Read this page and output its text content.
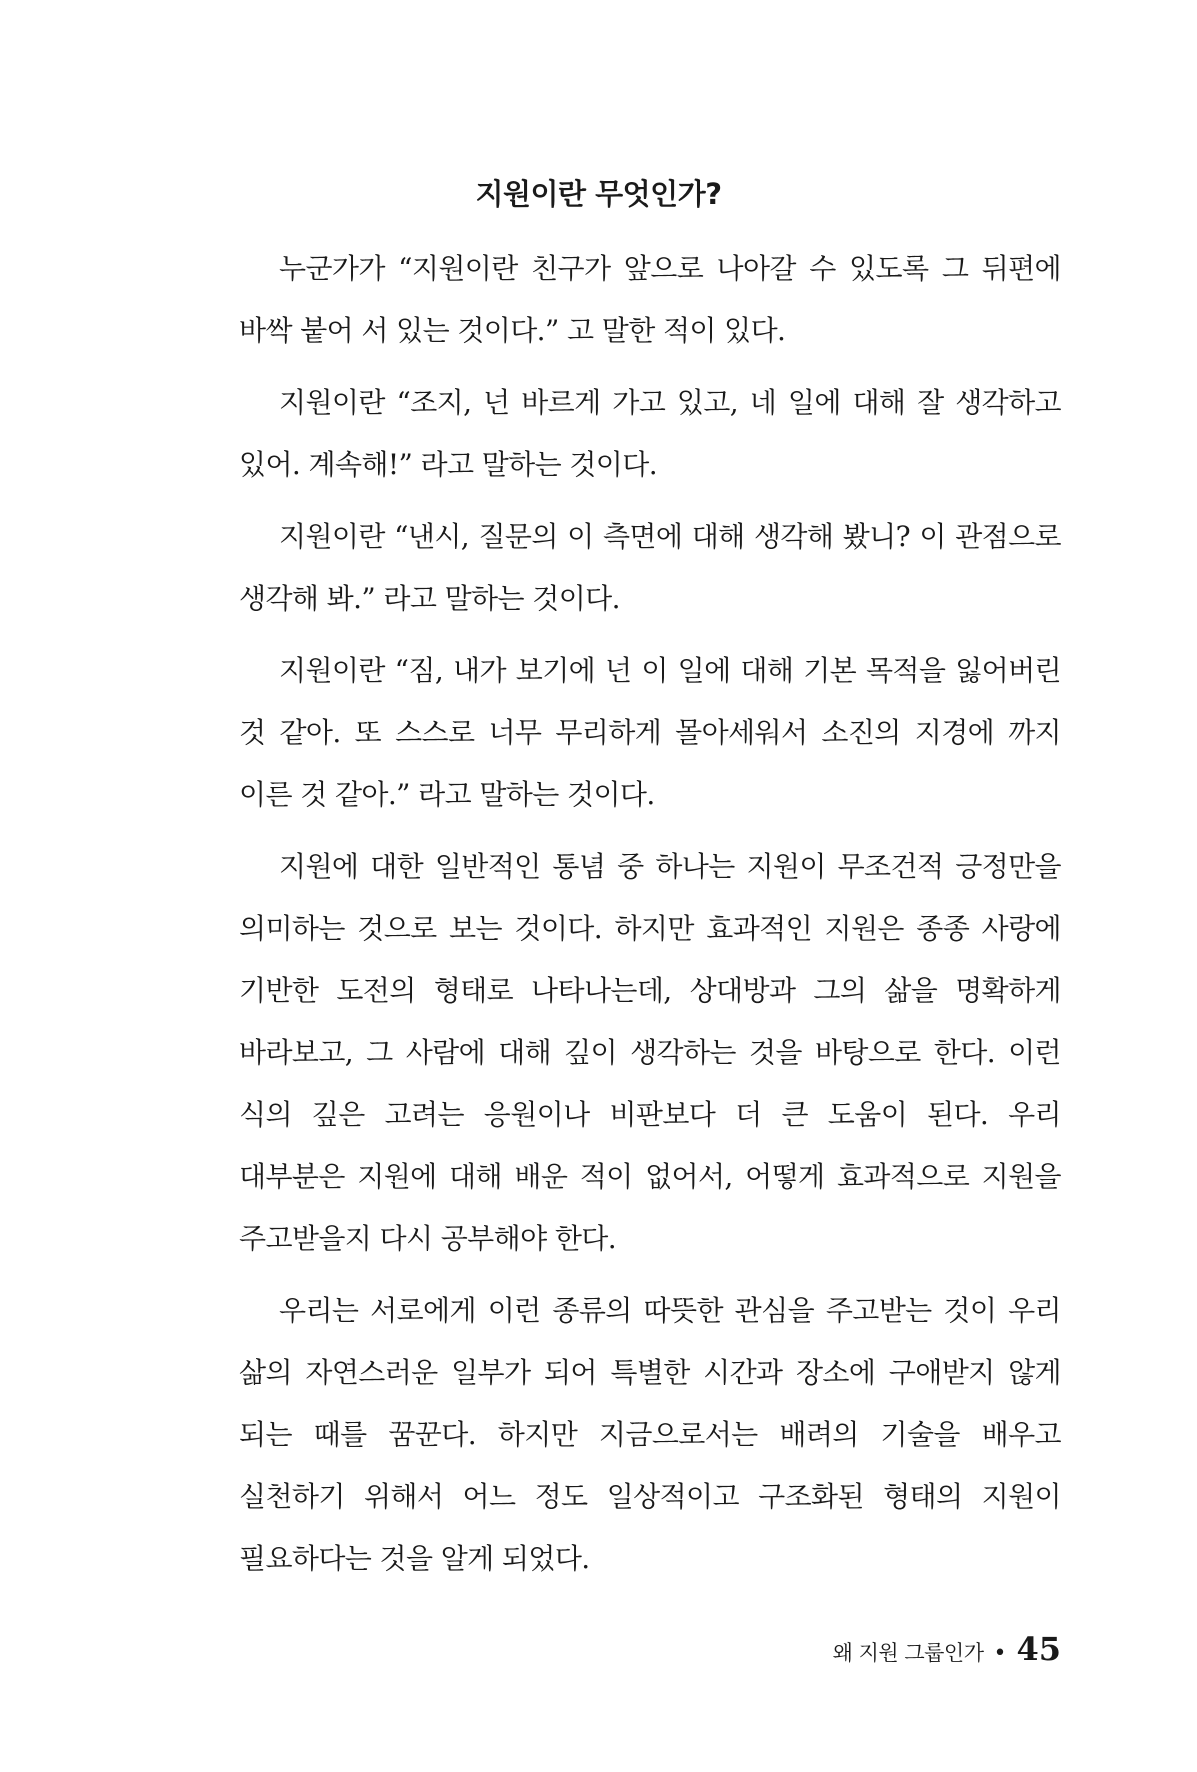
지원이란 무엇인가?

누군가가 “지원이란 친구가 앞으로 나아갈 수 있도록 그 뒤편에 바싹 붙어 서 있는 것이다.” 고 말한 적이 있다.

지원이란 “조지, 넌 바르게 가고 있고, 네 일에 대해 잘 생각하고 있어. 계속해!” 라고 말하는 것이다.

지원이란 “낸시, 질문의 이 측면에 대해 생각해 봤니? 이 관점으로 생각해 봐.” 라고 말하는 것이다.

지원이란 “짐, 내가 보기에 넌 이 일에 대해 기본 목적을 잃어버린 것 같아. 또 스스로 너무 무리하게 몰아세워서 소진의 지경에 까지 이른 것 같아.” 라고 말하는 것이다.

지원에 대한 일반적인 통념 중 하나는 지원이 무조건적 긍정만을 의미하는 것으로 보는 것이다. 하지만 효과적인 지원은 종종 사랑에 기반한 도전의 형태로 나타나는데, 상대방과 그의 삶을 명확하게 바라보고, 그 사람에 대해 깊이 생각하는 것을 바탕으로 한다. 이런 식의 깊은 고려는 응원이나 비판보다 더 큰 도움이 된다. 우리 대부분은 지원에 대해 배운 적이 없어서, 어떻게 효과적으로 지원을 주고받을지 다시 공부해야 한다.

우리는 서로에게 이런 종류의 따뜻한 관심을 주고받는 것이 우리 삶의 자연스러운 일부가 되어 특별한 시간과 장소에 구애받지 않게 되는 때를 꿈꾼다. 하지만 지금으로서는 배려의 기술을 배우고 실천하기 위해서 어느 정도 일상적이고 구조화된 형태의 지원이 필요하다는 것을 알게 되었다.

왜 지원 그룹인가 • 45
